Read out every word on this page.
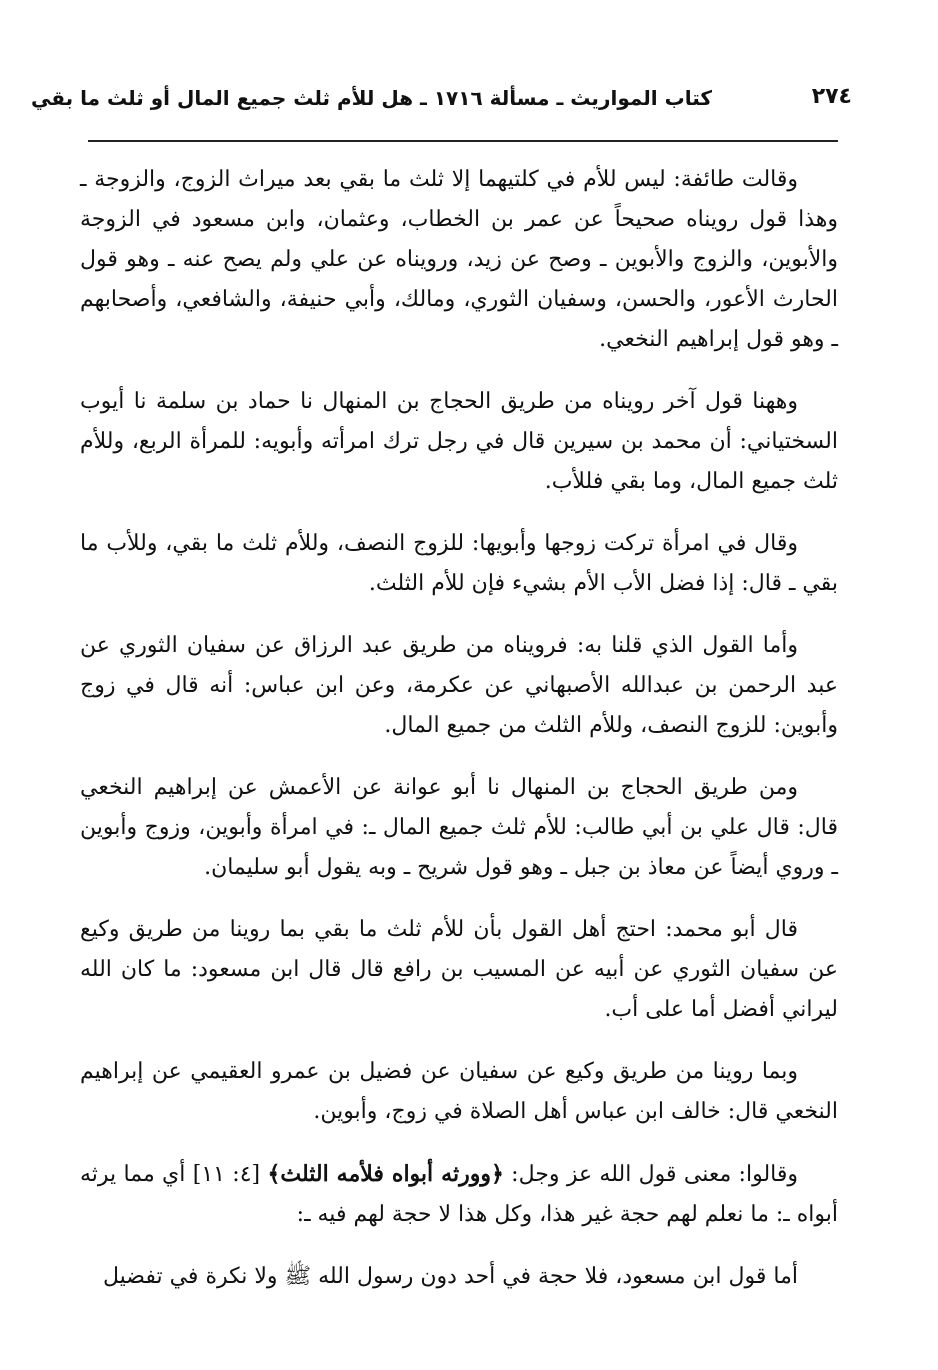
٢٧٤
كتاب المواريث ـ مسألة ١٧١٦ ـ هل للأم ثلث جميع المال أو ثلث ما بقي

وقالت طائفة: ليس للأم في كلتيهما إلا ثلث ما بقي بعد ميراث الزوج، والزوجة ـ وهذا قول رويناه صحيحاً عن عمر بن الخطاب، وعثمان، وابن مسعود في الزوجة والأبوين، والزوج والأبوين ـ وصح عن زيد، ورويناه عن علي ولم يصح عنه ـ وهو قول الحارث الأعور، والحسن، وسفيان الثوري، ومالك، وأبي حنيفة، والشافعي، وأصحابهم ـ وهو قول إبراهيم النخعي.

وههنا قول آخر رويناه من طريق الحجاج بن المنهال نا حماد بن سلمة نا أيوب السختياني: أن محمد بن سيرين قال في رجل ترك امرأته وأبويه: للمرأة الربع، وللأم ثلث جميع المال، وما بقي فللأب.

وقال في امرأة تركت زوجها وأبويها: للزوج النصف، وللأم ثلث ما بقي، وللأب ما بقي ـ قال: إذا فضل الأب الأم بشيء فإن للأم الثلث.

وأما القول الذي قلنا به: فرويناه من طريق عبد الرزاق عن سفيان الثوري عن عبد الرحمن بن عبدالله الأصبهاني عن عكرمة، وعن ابن عباس: أنه قال في زوج وأبوين: للزوج النصف، وللأم الثلث من جميع المال.

ومن طريق الحجاج بن المنهال نا أبو عوانة عن الأعمش عن إبراهيم النخعي قال: قال علي بن أبي طالب: للأم ثلث جميع المال ـ: في امرأة وأبوين، وزوج وأبوين ـ وروي أيضاً عن معاذ بن جبل ـ وهو قول شريح ـ وبه يقول أبو سليمان.

قال أبو محمد: احتج أهل القول بأن للأم ثلث ما بقي بما روينا من طريق وكيع عن سفيان الثوري عن أبيه عن المسيب بن رافع قال قال ابن مسعود: ما كان الله ليراني أفضل أما على أب.

وبما روينا من طريق وكيع عن سفيان عن فضيل بن عمرو العقيمي عن إبراهيم النخعي قال: خالف ابن عباس أهل الصلاة في زوج، وأبوين.

وقالوا: معنى قول الله عز وجل: ﴿وورثه أبواه فلأمه الثلث﴾ [٤: ١١] أي مما يرثه أبواه ـ: ما نعلم لهم حجة غير هذا، وكل هذا لا حجة لهم فيه ـ:

أما قول ابن مسعود، فلا حجة في أحد دون رسول الله ﷺ ولا نكرة في تفضيل
